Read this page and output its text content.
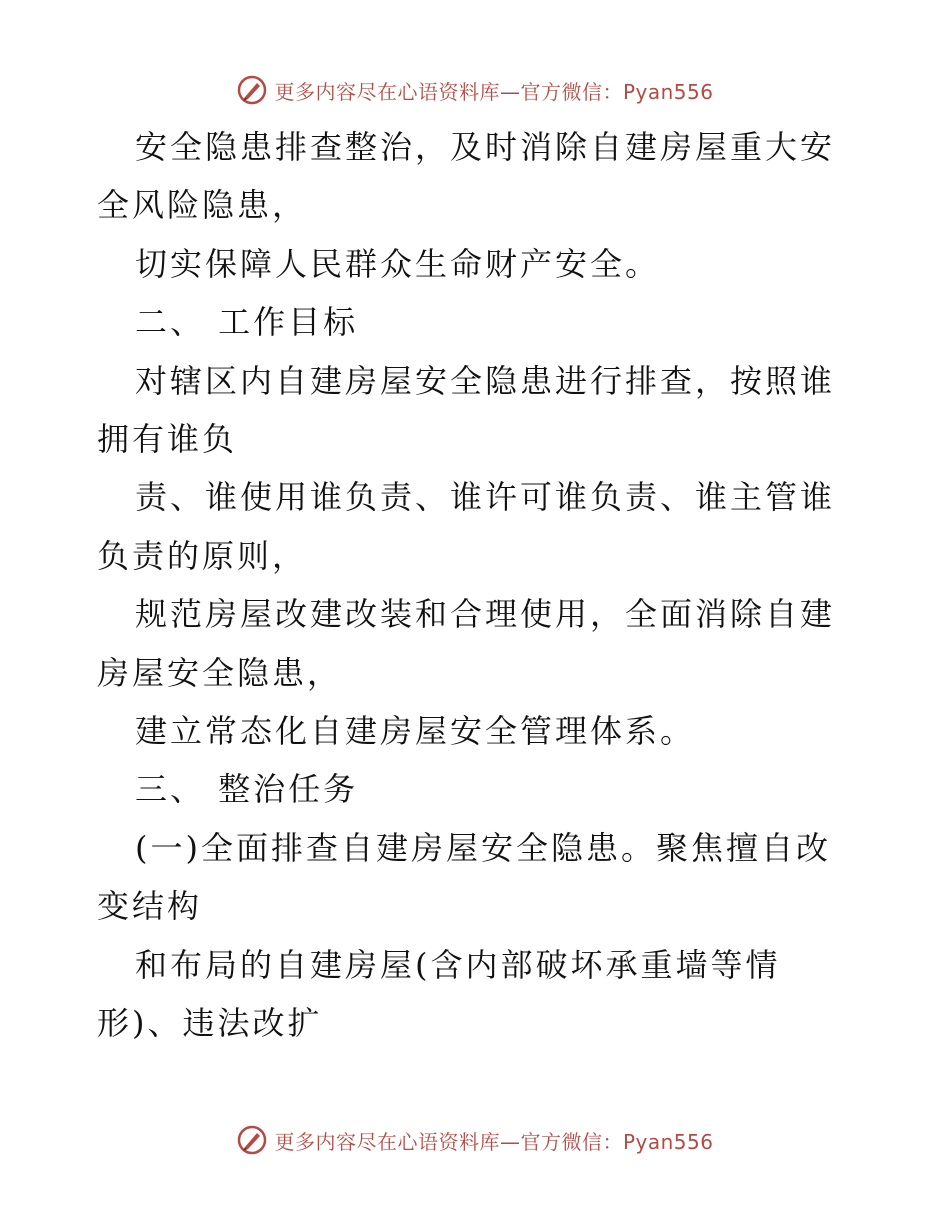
更多内容尽在心语资料库—官方微信：Pyan556

安全隐患排查整治，及时消除自建房屋重大安全风险隐患，

切实保障人民群众生命财产安全。

二、 工作目标

对辖区内自建房屋安全隐患进行排查，按照谁拥有谁负

责、谁使用谁负责、谁许可谁负责、谁主管谁负责的原则，

规范房屋改建改装和合理使用，全面消除自建房屋安全隐患，

建立常态化自建房屋安全管理体系。

三、 整治任务

(一)全面排查自建房屋安全隐患。聚焦擅自改变结构

和布局的自建房屋(含内部破坏承重墙等情形)、违法改扩

更多内容尽在心语资料库—官方微信：Pyan556
